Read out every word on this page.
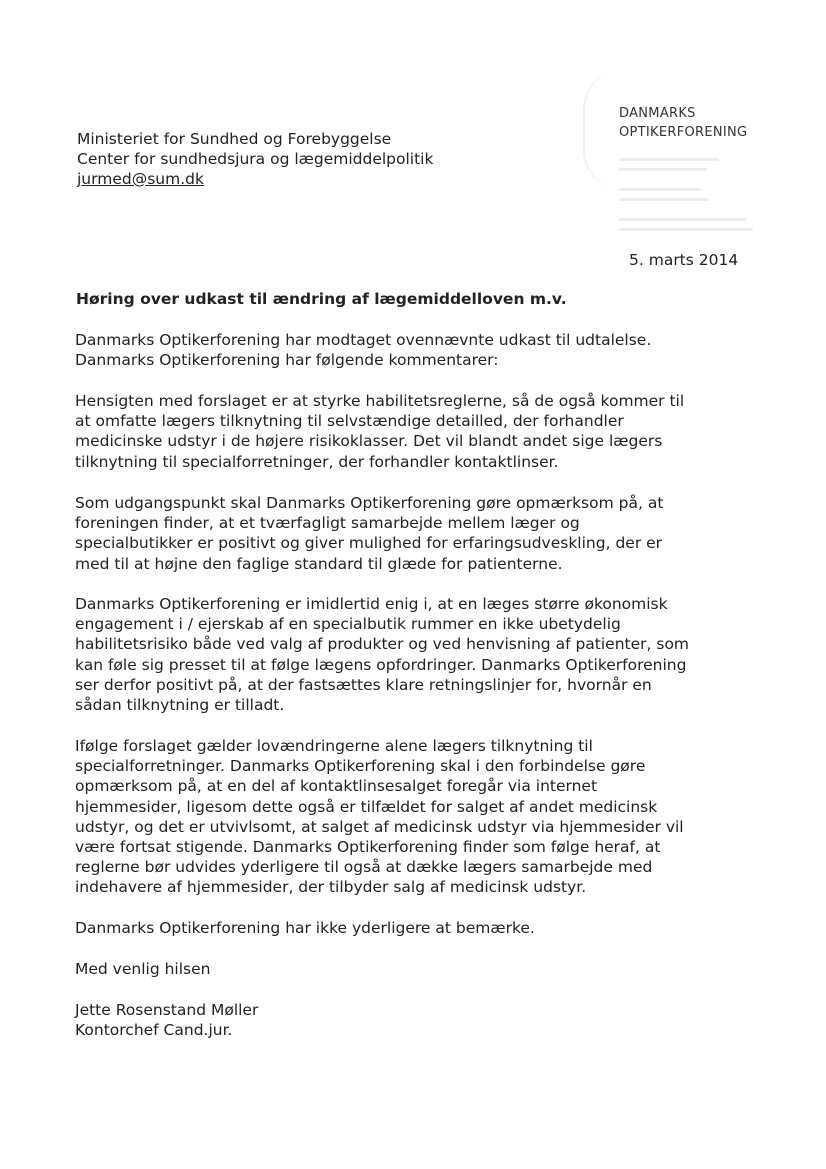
DANMARKS
OPTIKERFORENING
Ministeriet for Sundhed og Forebyggelse
Center for sundhedsjura og lægemiddelpolitik
jurmed@sum.dk
5. marts 2014
Høring over udkast til ændring af lægemiddelloven m.v.
Danmarks Optikerforening har modtaget ovennævnte udkast til udtalelse.
Danmarks Optikerforening har følgende kommentarer:
Hensigten med forslaget er at styrke habilitetsreglerne, så de også kommer til
at omfatte lægers tilknytning til selvstændige detailled, der forhandler
medicinske udstyr i de højere risikoklasser. Det vil blandt andet sige lægers
tilknytning til specialforretninger, der forhandler kontaktlinser.
Som udgangspunkt skal Danmarks Optikerforening gøre opmærksom på, at
foreningen finder, at et tværfagligt samarbejde mellem læger og
specialbutikker er positivt og giver mulighed for erfaringsudveskling, der er
med til at højne den faglige standard til glæde for patienterne.
Danmarks Optikerforening er imidlertid enig i, at en læges større økonomisk
engagement i / ejerskab af en specialbutik rummer en ikke ubetydelig
habilitetsrisiko både ved valg af produkter og ved henvisning af patienter, som
kan føle sig presset til at følge lægens opfordringer. Danmarks Optikerforening
ser derfor positivt på, at der fastsættes klare retningslinjer for, hvornår en
sådan tilknytning er tilladt.
Ifølge forslaget gælder lovændringerne alene lægers tilknytning til
specialforretninger. Danmarks Optikerforening skal i den forbindelse gøre
opmærksom på, at en del af kontaktlinsesalget foregår via internet
hjemmesider, ligesom dette også er tilfældet for salget af andet medicinsk
udstyr, og det er utvivlsomt, at salget af medicinsk udstyr via hjemmesider vil
være fortsat stigende. Danmarks Optikerforening finder som følge heraf, at
reglerne bør udvides yderligere til også at dække lægers samarbejde med
indehavere af hjemmesider, der tilbyder salg af medicinsk udstyr.
Danmarks Optikerforening har ikke yderligere at bemærke.
Med venlig hilsen
Jette Rosenstand Møller
Kontorchef Cand.jur.
